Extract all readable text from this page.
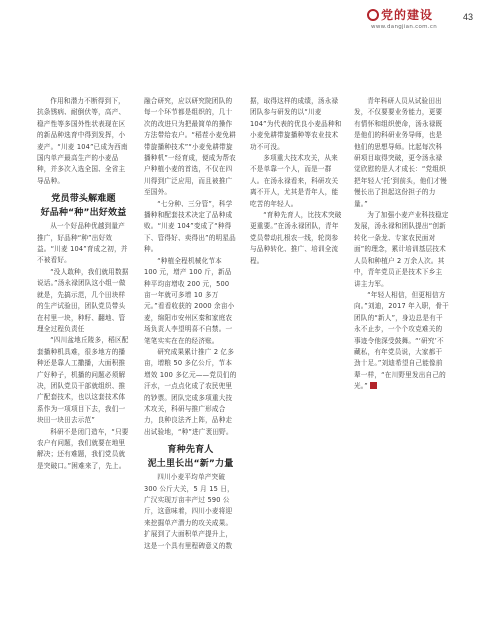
党的建设
www.dangjian.com.cn
43

作用和潜力不断得到下，抗条锈病、耐倒伏等，高产、稳产性等多国外性状表现在区的新品种选育中得到发挥，小麦产。“川麦 104”已成为西南国内单产最高生产的小麦品种，并多次入选全国、全省主导品种。

党员带头解难题
好品种“种”出好效益

从一个好品种优越到量产推广，好品种“种”出好效益。“川麦 104”育成之初，并不被看好。

“没人敢种，我们就用数据说话。”汤永禄团队这小组一做就是，先搞示范，几个田块样的生产试验田，团队党员带头在村里一块，种籽、翻地、管理全过程负责任

“四川盆地丘陵多，稻区配套播种机具难，很多地方的播种还是靠人工撒播，大面积推广好种子，机播的问题必须解决，团队党员干部就组织、推广配套技术，也以这套技术体系作为一项项目下去，我们一块田一块田去示范”

科研不是闭门造车，“只要农户有问题，我们就要在地里解决；还有难题，我们党员就是突破口。”困难来了，先上。

融合研究，应以研究院团队的每一个环节都是组织的，几十次的改进只为把最简单的操作方法带给农户。“稻茬小麦免耕带旋播种技术”“小麦免耕带旋播种机”一经育成，便成为帮农户种植小麦的首选，不仅在四川得到广泛应用，而且被推广至国外。

“七分种、三分管”，科学播种和配套技术决定了品种成败。“川麦 104”变成了“种得下、管得好、卖得出”的明星品种。

“种植全程机械化节本 100 元，增产 100 斤，新品种平均亩增收 200 元，500 亩一年就可多增 10 多万元。”看看收获的 2000 余亩小麦，绵阳市安州区秦和家庭农场负责人李望明喜不自禁。一笔笔实实在在的经济账。

研究成果累计推广 2 亿多亩，增粮 50 多亿公斤，节本增效 100 多亿元——党员们的汗水，一点点化成了农民兜里的钞票。团队完成多项重大技术攻关，科研与推广形成合力，良种良法齐上阵，品种走出试验地，“种”进广袤田野。

育种先育人
泥土里长出“新”力量

四川小麦平均单产突破 300 公斤大关，5 月 15 日，广汉实现万亩丰产过 590 公斤，这意味着，四川小麦将迎来挖掘单产潜力的攻关成果。扩展到了大面积单产提升上，这是一个具有里程碑意义的数

据，取得这样的成绩，汤永禄团队参与研发的以“川麦 104”为代表的优良小麦品种和小麦免耕带旋播种等农业技术功不可没。

多项重大技术攻关，从来不是单靠一个人，而是一群人。在汤永禄看来，科研攻关离不开人，尤其是青年人，能吃苦的年轻人。

“育种先育人，比技术突破更重要。”在汤永禄团队，青年党员带动扎根农一线，轮岗参与品种转化、推广、培训全流程。

青年科研人员从试验田出发，不仅要要业务能力，更要有情怀和组织使命，汤永禄既是他们的科研业务导师，也是他们的思想导师。比起每次科研项目取得突破，更令汤永禄觉欣慰的是人才成长：“党组织把年轻人‘托’到前头，他们才慢慢长出了担起这份担子的力量。”

为了加强小麦产业科技稳定发展，汤永禄和团队提出“创新转化一条龙、专家农民面对面”的理念，累计培训基层技术人员和种植户 2 万余人次。其中，青年党员正是技术下乡主讲主力军。

“年轻人相信，但更相信方向。”刘迪，2017 年入职，骨干团队的“新人”，身边总是有干永不止步，一个个攻克难关的事迹令他深受鼓舞。“‘研究’不藏私，有年党员说，大家都干劲十足。”刘迪希望自己能像前辈一样，“在川野里发出自己的光。”
